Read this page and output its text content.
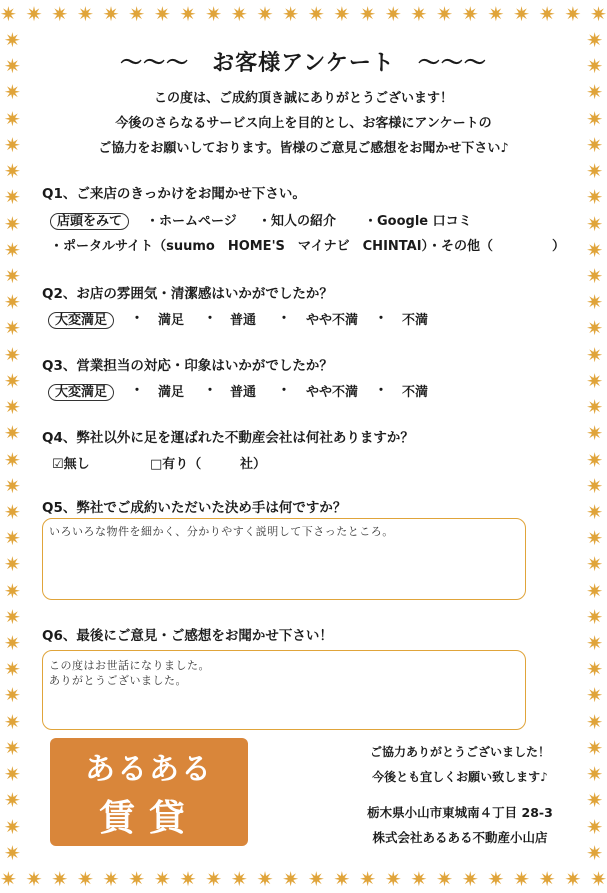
✷ ✷ ✷ ✷ ✷ ✷ ✷ ✷ ✷ ✷ ✷ ✷ ✷ ✷ ✷ ✷ ✷ ✷ ✷ ✷ ✷ ✷ ✷ ✷
✷ ✷ ✷ ✷ ✷ ✷ ✷ ✷ ✷ ✷ ✷ ✷ ✷ ✷ ✷ ✷ ✷ ✷ ✷ ✷ ✷ ✷ ✷ ✷
✷
✷
✷
✷
✷
✷
✷
✷
✷
✷
✷
✷
✷
✷
✷
✷
✷
✷
✷
✷
✷
✷
✷
✷
✷
✷
✷
✷
✷
✷
✷
✷
✷
✷
✷
✷
✷
✷
✷
✷
✷
✷
✷
✷
✷
✷
✷
✷
✷
✷
✷
✷
✷
✷
✷
✷
✷
✷
✷
✷
✷
✷
✷
✷
～～～　お客様アンケート　～～～
この度は、ご成約頂き誠にありがとうございます！
今後のさらなるサービス向上を目的とし、お客様にアンケートの
ご協力をお願いしております。皆様のご意見ご感想をお聞かせ下さい♪
Q1、ご来店のきっかけをお聞かせ下さい。
店頭をみて	・ホームページ ・知人の紹介 ・Google 口コミ
・ポータルサイト（suumo　HOME'S　マイナビ　CHINTAI）・その他（	）
Q2、お店の雰囲気・清潔感はいかがでしたか？
大変満足	・ 満足 ・ 普通 ・ やや不満 ・ 不満
Q3、営業担当の対応・印象はいかがでしたか？
大変満足	・ 満足 ・ 普通 ・ やや不満 ・ 不満
Q4、弊社以外に足を運ばれた不動産会社は何社ありますか？
☑無し	□有り（	社）
Q5、弊社でご成約いただいた決め手は何ですか？
いろいろな物件を細かく、分かりやすく説明して下さったところ。
Q6、最後にご意見・ご感想をお聞かせ下さい！
この度はお世話になりました。
ありがとうございました。
あるある
賃貸
ご協力ありがとうございました！
今後とも宜しくお願い致します♪
栃木県小山市東城南４丁目 28-3
株式会社あるある不動産小山店
